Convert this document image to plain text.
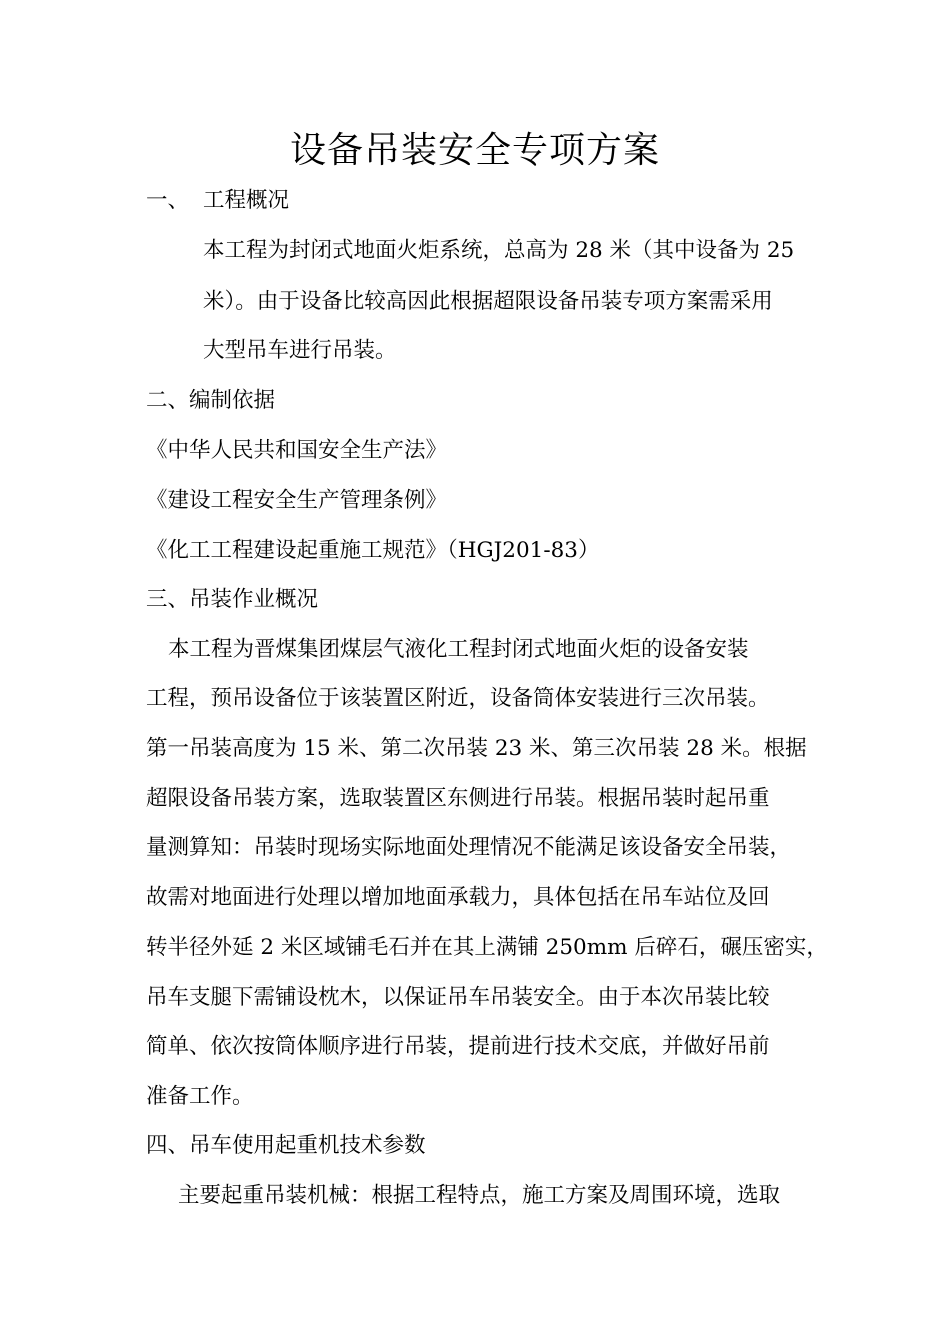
设备吊装安全专项方案
一、 工程概况
本工程为封闭式地面火炬系统，总高为 28 米（其中设备为 25
米）。由于设备比较高因此根据超限设备吊装专项方案需采用
大型吊车进行吊装。
二、编制依据
《中华人民共和国安全生产法》
《建设工程安全生产管理条例》
《化工工程建设起重施工规范》（HGJ201-83）
三、吊装作业概况
本工程为晋煤集团煤层气液化工程封闭式地面火炬的设备安装
工程，预吊设备位于该装置区附近，设备筒体安装进行三次吊装。
第一吊装高度为 15 米、第二次吊装 23 米、第三次吊装 28 米。根据
超限设备吊装方案，选取装置区东侧进行吊装。根据吊装时起吊重
量测算知：吊装时现场实际地面处理情况不能满足该设备安全吊装，
故需对地面进行处理以增加地面承载力，具体包括在吊车站位及回
转半径外延 2 米区域铺毛石并在其上满铺 250mm 后碎石，碾压密实，
吊车支腿下需铺设枕木，以保证吊车吊装安全。由于本次吊装比较
简单、依次按筒体顺序进行吊装，提前进行技术交底，并做好吊前
准备工作。
四、吊车使用起重机技术参数
主要起重吊装机械：根据工程特点，施工方案及周围环境，选取
